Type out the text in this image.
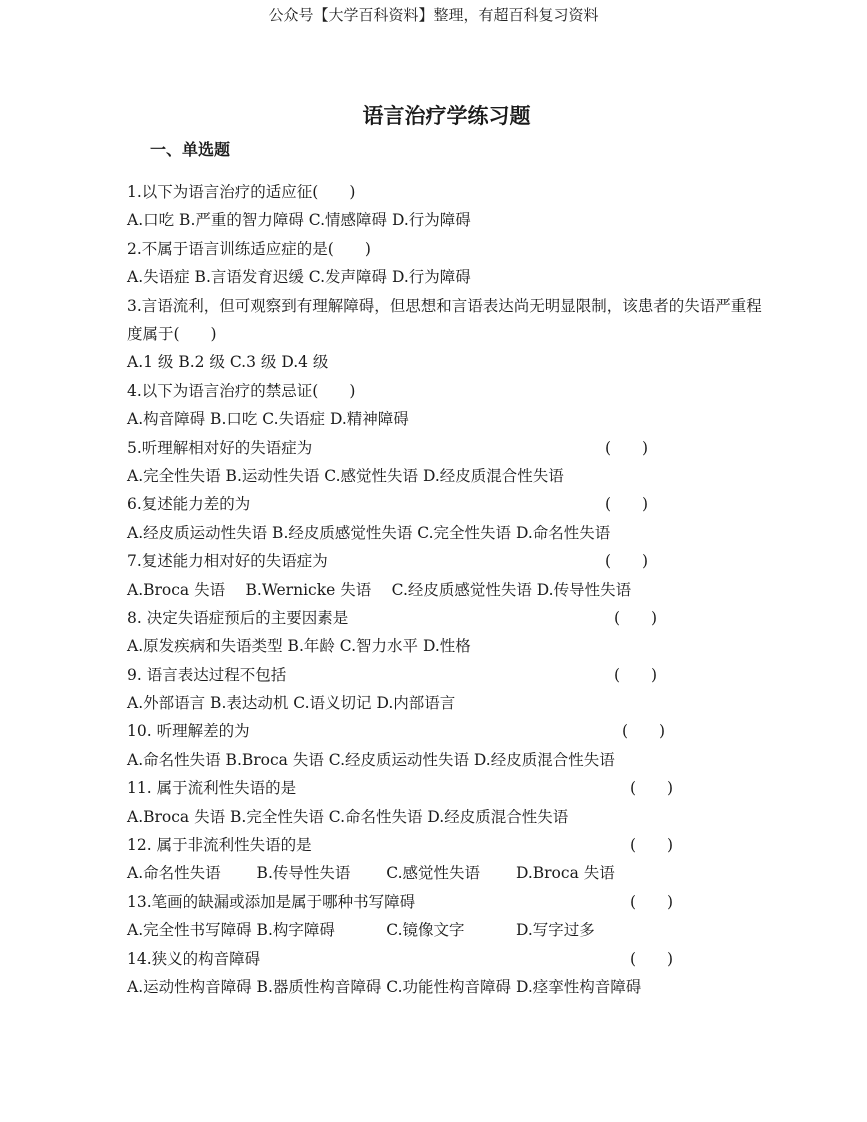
公众号【大学百科资料】整理，有超百科复习资料
语言治疗学练习题
一、单选题
1.以下为语言治疗的适应征(　　)
A.口吃 B.严重的智力障碍 C.情感障碍 D.行为障碍
2.不属于语言训练适应症的是(　　)
A.失语症 B.言语发育迟缓 C.发声障碍 D.行为障碍
3.言语流利，但可观察到有理解障碍，但思想和言语表达尚无明显限制，该患者的失语严重程度属于(　　)
A.1 级 B.2 级 C.3 级 D.4 级
4.以下为语言治疗的禁忌证(　　)
A.构音障碍 B.口吃 C.失语症 D.精神障碍
5.听理解相对好的失语症为	(　　)
A.完全性失语 B.运动性失语 C.感觉性失语 D.经皮质混合性失语
6.复述能力差的为	(　　)
A.经皮质运动性失语 B.经皮质感觉性失语 C.完全性失语 D.命名性失语
7.复述能力相对好的失语症为	(　　)
A.Broca 失语　 B.Wernicke 失语　 C.经皮质感觉性失语 D.传导性失语
8. 决定失语症预后的主要因素是	(　　)
A.原发疾病和失语类型 B.年龄 C.智力水平 D.性格
9. 语言表达过程不包括	(　　)
A.外部语言 B.表达动机 C.语义切记 D.内部语言
10. 听理解差的为	(　　)
A.命名性失语 B.Broca 失语 C.经皮质运动性失语 D.经皮质混合性失语
11. 属于流利性失语的是	(　　)
A.Broca 失语 B.完全性失语 C.命名性失语 D.经皮质混合性失语
12. 属于非流利性失语的是	(　　)
A.命名性失语　　 B.传导性失语　　 C.感觉性失语　　 D.Broca 失语
13.笔画的缺漏或添加是属于哪种书写障碍	(　　)
A.完全性书写障碍 B.构字障碍　　　 C.镜像文字　　　 D.写字过多
14.狭义的构音障碍	(　　)
A.运动性构音障碍 B.器质性构音障碍 C.功能性构音障碍 D.痉挛性构音障碍
